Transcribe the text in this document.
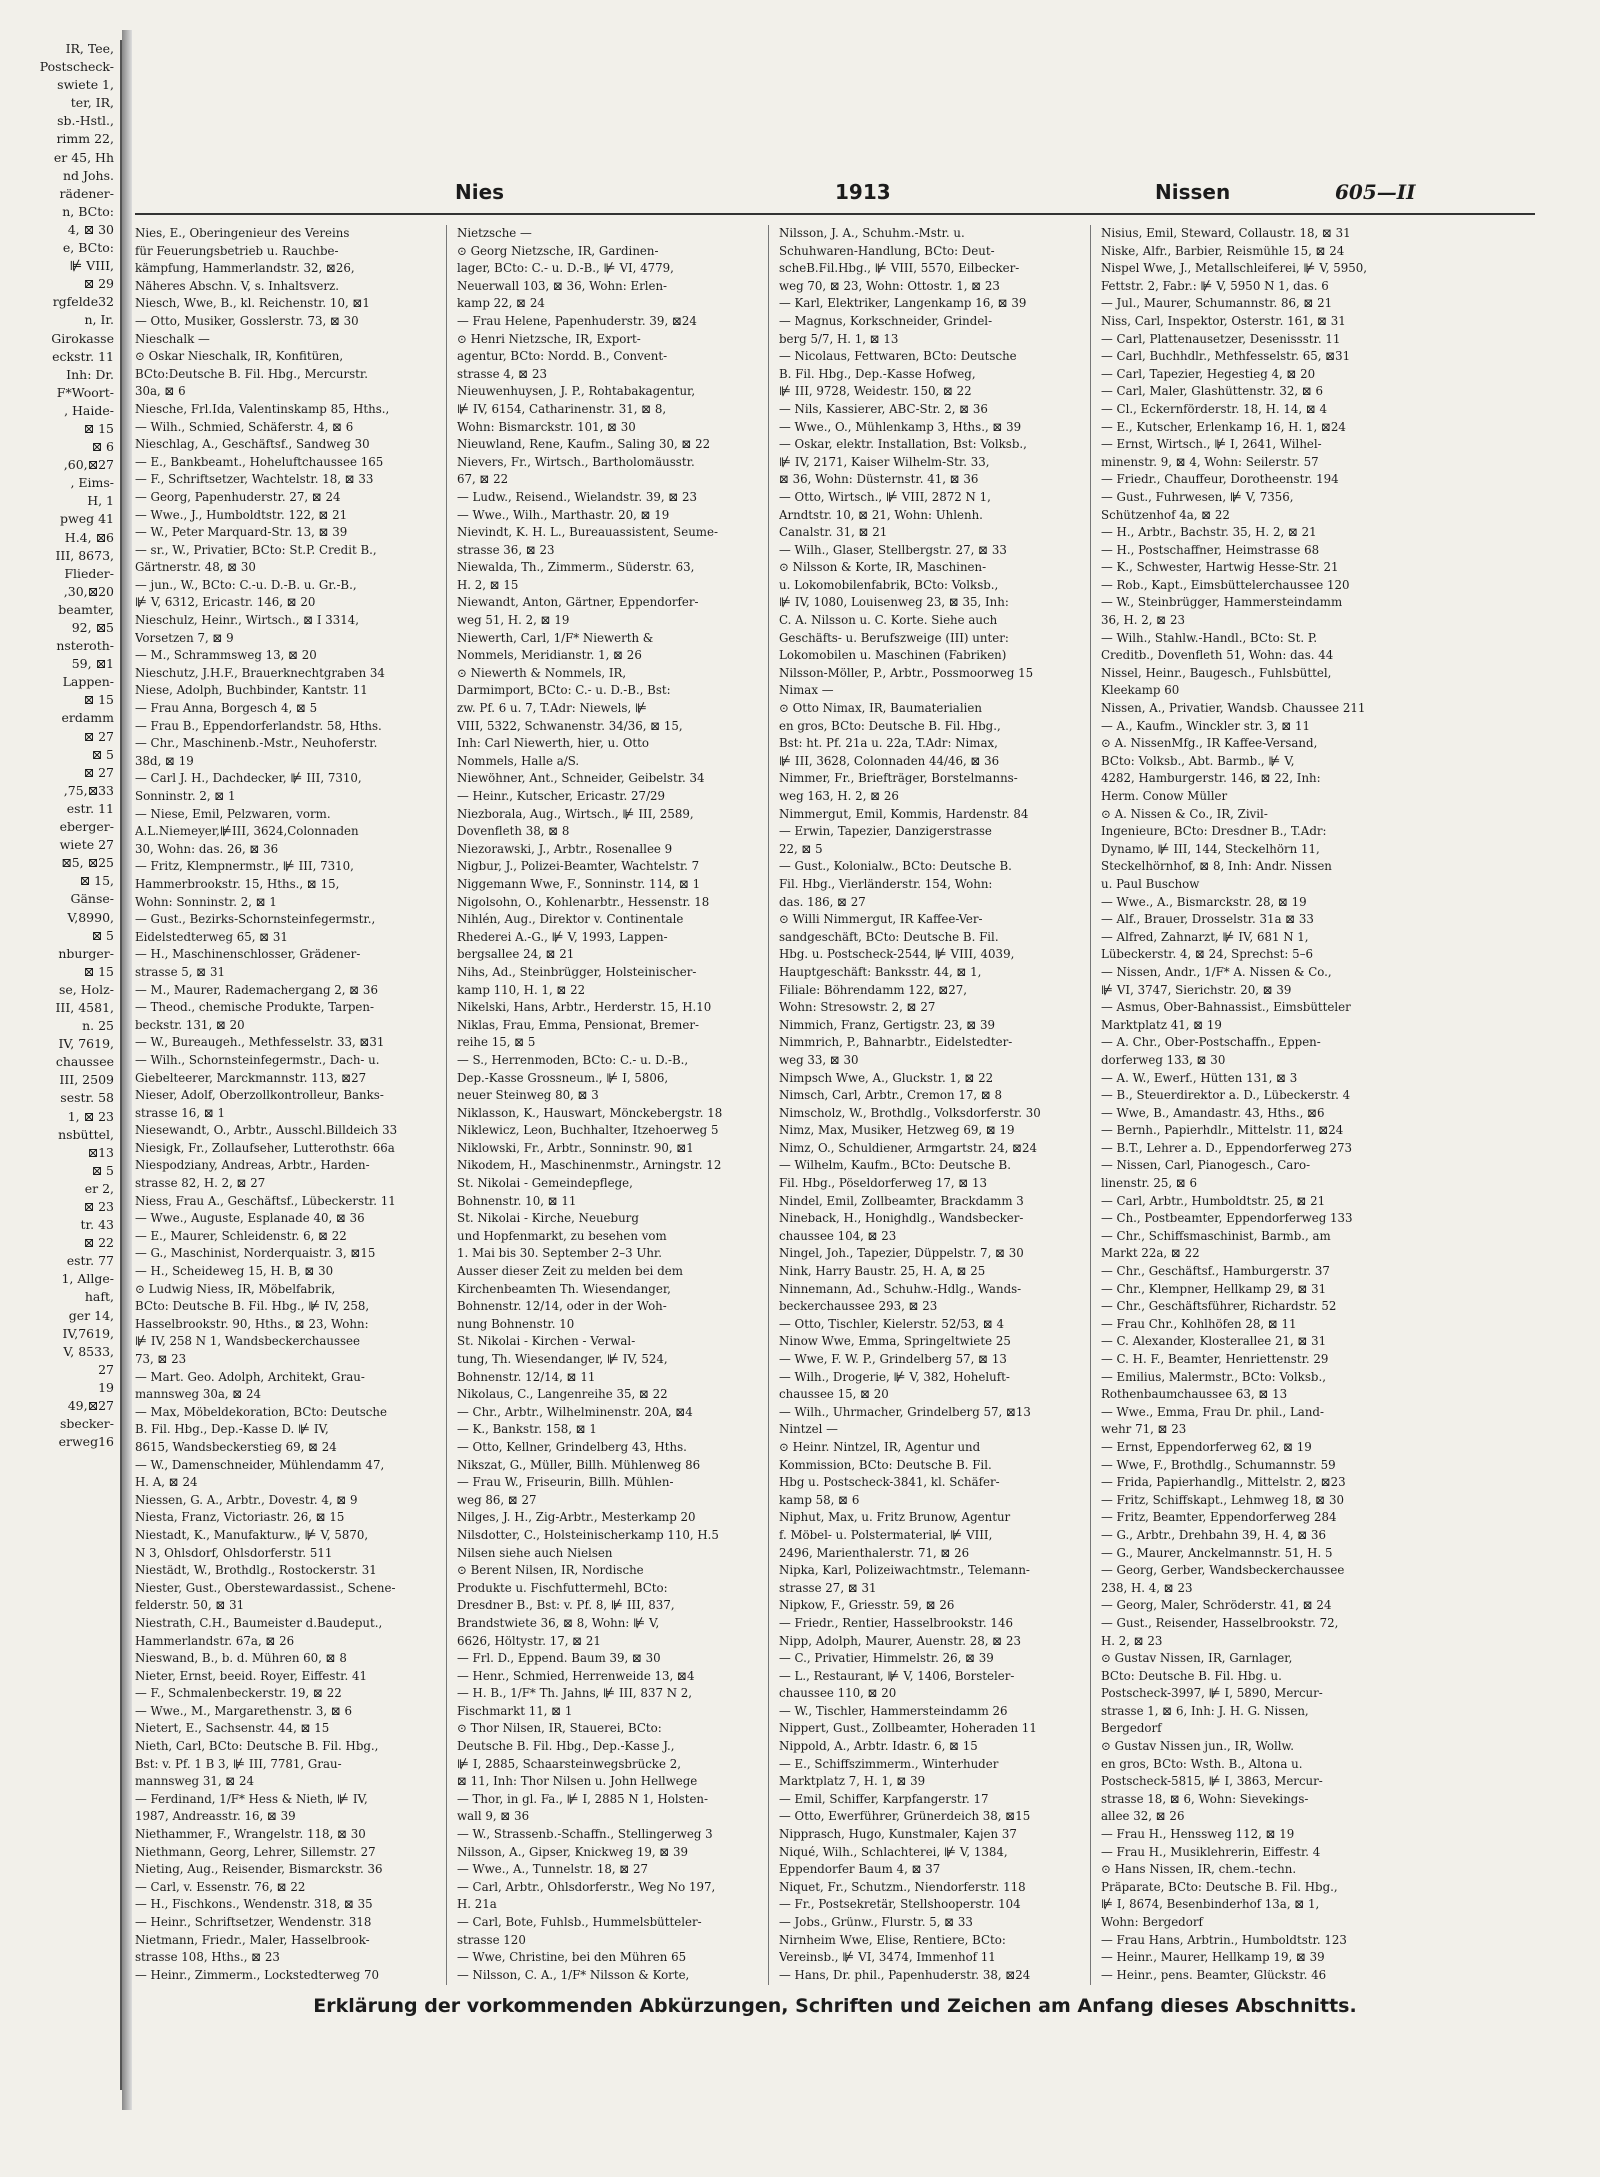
IR, Tee,
Postscheck-
swiete 1,
ter, IR,
sb.-Hstl.,
rimm 22,
er 45, Hh
nd Johs.
rädener-
n, BCto:
4, ⊠ 30
e, BCto:
⊯ VIII,
⊠ 29
rgfelde32
n, Ir.
Girokasse
eckstr. 11
Inh: Dr.
F*Woort-
, Haide-
⊠ 15
⊠ 6
,60,⊠27
, Eims-
H, 1
pweg 41
H.4, ⊠6
III, 8673,
Flieder-
,30,⊠20
beamter,
92, ⊠5
nsteroth-
59, ⊠1
Lappen-
⊠ 15
erdamm
⊠ 27
⊠ 5
⊠ 27
,75,⊠33
estr. 11
eberger-
wiete 27
⊠5, ⊠25
⊠ 15,
Gänse-
V,8990,
⊠ 5
nburger-
⊠ 15
se, Holz-
III, 4581,
n. 25
IV, 7619,
chaussee
III, 2509
sestr. 58
1, ⊠ 23
nsbüttel,
⊠13
⊠ 5
er 2,
⊠ 23
tr. 43
⊠ 22
estr. 77
1, Allge-
haft,
ger 14,
IV,7619,
V, 8533,
27
19
49,⊠27
sbecker-
erweg16
Nies	1913	Nissen	605—II
Nies, E., Oberingenieur des Vereins
für Feuerungsbetrieb u. Rauchbe-
kämpfung, Hammerlandstr. 32, ⊠26,
Näheres Abschn. V, s. Inhaltsverz.
Niesch, Wwe, B., kl. Reichenstr. 10, ⊠1
— Otto, Musiker, Gosslerstr. 73, ⊠ 30
Nieschalk —
⊙ Oskar Nieschalk, IR, Konfitüren,
BCto:Deutsche B. Fil. Hbg., Mercurstr.
30a, ⊠ 6
Niesche, Frl.Ida, Valentinskamp 85, Hths.,
— Wilh., Schmied, Schäferstr. 4, ⊠ 6
Nieschlag, A., Geschäftsf., Sandweg 30
— E., Bankbeamt., Hoheluftchaussee 165
— F., Schriftsetzer, Wachtelstr. 18, ⊠ 33
— Georg, Papenhuderstr. 27, ⊠ 24
— Wwe., J., Humboldtstr. 122, ⊠ 21
— W., Peter Marquard-Str. 13, ⊠ 39
— sr., W., Privatier, BCto: St.P. Credit B.,
Gärtnerstr. 48, ⊠ 30
— jun., W., BCto: C.-u. D.-B. u. Gr.-B.,
⊯ V, 6312, Ericastr. 146, ⊠ 20
Nieschulz, Heinr., Wirtsch., ⊠ I 3314,
Vorsetzen 7, ⊠ 9
— M., Schrammsweg 13, ⊠ 20
Nieschutz, J.H.F., Brauerknechtgraben 34
Niese, Adolph, Buchbinder, Kantstr. 11
— Frau Anna, Borgesch 4, ⊠ 5
— Frau B., Eppendorferlandstr. 58, Hths.
— Chr., Maschinenb.-Mstr., Neuhoferstr.
38d, ⊠ 19
— Carl J. H., Dachdecker, ⊯ III, 7310,
Sonninstr. 2, ⊠ 1
— Niese, Emil, Pelzwaren, vorm.
A.L.Niemeyer,⊯III, 3624,Colonnaden
30, Wohn: das. 26, ⊠ 36
— Fritz, Klempnermstr., ⊯ III, 7310,
Hammerbrookstr. 15, Hths., ⊠ 15,
Wohn: Sonninstr. 2, ⊠ 1
— Gust., Bezirks-Schornsteinfegermstr.,
Eidelstedterweg 65, ⊠ 31
— H., Maschinenschlosser, Grädener-
strasse 5, ⊠ 31
— M., Maurer, Rademachergang 2, ⊠ 36
— Theod., chemische Produkte, Tarpen-
beckstr. 131, ⊠ 20
— W., Bureaugeh., Methfesselstr. 33, ⊠31
— Wilh., Schornsteinfegermstr., Dach- u.
Giebelteerer, Marckmannstr. 113, ⊠27
Nieser, Adolf, Oberzollkontrolleur, Banks-
strasse 16, ⊠ 1
Niesewandt, O., Arbtr., Ausschl.Billdeich 33
Niesigk, Fr., Zollaufseher, Lutterothstr. 66a
Niespodziany, Andreas, Arbtr., Harden-
strasse 82, H. 2, ⊠ 27
Niess, Frau A., Geschäftsf., Lübeckerstr. 11
— Wwe., Auguste, Esplanade 40, ⊠ 36
— E., Maurer, Schleidenstr. 6, ⊠ 22
— G., Maschinist, Norderquaistr. 3, ⊠15
— H., Scheideweg 15, H. B, ⊠ 30
⊙ Ludwig Niess, IR, Möbelfabrik,
BCto: Deutsche B. Fil. Hbg., ⊯ IV, 258,
Hasselbrookstr. 90, Hths., ⊠ 23, Wohn:
⊯ IV, 258 N 1, Wandsbeckerchaussee
73, ⊠ 23
— Mart. Geo. Adolph, Architekt, Grau-
mannsweg 30a, ⊠ 24
— Max, Möbeldekoration, BCto: Deutsche
B. Fil. Hbg., Dep.-Kasse D. ⊯ IV,
8615, Wandsbeckerstieg 69, ⊠ 24
— W., Damenschneider, Mühlendamm 47,
H. A, ⊠ 24
Niessen, G. A., Arbtr., Dovestr. 4, ⊠ 9
Niesta, Franz, Victoriastr. 26, ⊠ 15
Niestadt, K., Manufakturw., ⊯ V, 5870,
N 3, Ohlsdorf, Ohlsdorferstr. 511
Niestädt, W., Brothdlg., Rostockerstr. 31
Niester, Gust., Oberstewardassist., Schene-
felderstr. 50, ⊠ 31
Niestrath, C.H., Baumeister d.Baudeput.,
Hammerlandstr. 67a, ⊠ 26
Nieswand, B., b. d. Mühren 60, ⊠ 8
Nieter, Ernst, beeid. Royer, Eiffestr. 41
— F., Schmalenbeckerstr. 19, ⊠ 22
— Wwe., M., Margarethenstr. 3, ⊠ 6
Nietert, E., Sachsenstr. 44, ⊠ 15
Nieth, Carl, BCto: Deutsche B. Fil. Hbg.,
Bst: v. Pf. 1 B 3, ⊯ III, 7781, Grau-
mannsweg 31, ⊠ 24
— Ferdinand, 1/F* Hess & Nieth, ⊯ IV,
1987, Andreasstr. 16, ⊠ 39
Niethammer, F., Wrangelstr. 118, ⊠ 30
Niethmann, Georg, Lehrer, Sillemstr. 27
Nieting, Aug., Reisender, Bismarckstr. 36
— Carl, v. Essenstr. 76, ⊠ 22
— H., Fischkons., Wendenstr. 318, ⊠ 35
— Heinr., Schriftsetzer, Wendenstr. 318
Nietmann, Friedr., Maler, Hasselbrook-
strasse 108, Hths., ⊠ 23
— Heinr., Zimmerm., Lockstedterweg 70
Nietzsche —
⊙ Georg Nietzsche, IR, Gardinen-
lager, BCto: C.- u. D.-B., ⊯ VI, 4779,
Neuerwall 103, ⊠ 36, Wohn: Erlen-
kamp 22, ⊠ 24
— Frau Helene, Papenhuderstr. 39, ⊠24
⊙ Henri Nietzsche, IR, Export-
agentur, BCto: Nordd. B., Convent-
strasse 4, ⊠ 23
Nieuwenhuysen, J. P., Rohtabakagentur,
⊯ IV, 6154, Catharinenstr. 31, ⊠ 8,
Wohn: Bismarckstr. 101, ⊠ 30
Nieuwland, Rene, Kaufm., Saling 30, ⊠ 22
Nievers, Fr., Wirtsch., Bartholomäusstr.
67, ⊠ 22
— Ludw., Reisend., Wielandstr. 39, ⊠ 23
— Wwe., Wilh., Marthastr. 20, ⊠ 19
Nievindt, K. H. L., Bureauassistent, Seume-
strasse 36, ⊠ 23
Niewalda, Th., Zimmerm., Süderstr. 63,
H. 2, ⊠ 15
Niewandt, Anton, Gärtner, Eppendorfer-
weg 51, H. 2, ⊠ 19
Niewerth, Carl, 1/F* Niewerth &
Nommels, Meridianstr. 1, ⊠ 26
⊙ Niewerth & Nommels, IR,
Darmimport, BCto: C.- u. D.-B., Bst:
zw. Pf. 6 u. 7, T.Adr: Niewels, ⊯
VIII, 5322, Schwanenstr. 34/36, ⊠ 15,
Inh: Carl Niewerth, hier, u. Otto
Nommels, Halle a/S.
Niewöhner, Ant., Schneider, Geibelstr. 34
— Heinr., Kutscher, Ericastr. 27/29
Niezborala, Aug., Wirtsch., ⊯ III, 2589,
Dovenfleth 38, ⊠ 8
Niezorawski, J., Arbtr., Rosenallee 9
Nigbur, J., Polizei-Beamter, Wachtelstr. 7
Niggemann Wwe, F., Sonninstr. 114, ⊠ 1
Nigolsohn, O., Kohlenarbtr., Hessenstr. 18
Nihlén, Aug., Direktor v. Continentale
Rhederei A.-G., ⊯ V, 1993, Lappen-
bergsallee 24, ⊠ 21
Nihs, Ad., Steinbrügger, Holsteinischer-
kamp 110, H. 1, ⊠ 22
Nikelski, Hans, Arbtr., Herderstr. 15, H.10
Niklas, Frau, Emma, Pensionat, Bremer-
reihe 15, ⊠ 5
— S., Herrenmoden, BCto: C.- u. D.-B.,
Dep.-Kasse Grossneum., ⊯ I, 5806,
neuer Steinweg 80, ⊠ 3
Niklasson, K., Hauswart, Mönckebergstr. 18
Niklewicz, Leon, Buchhalter, Itzehoerweg 5
Niklowski, Fr., Arbtr., Sonninstr. 90, ⊠1
Nikodem, H., Maschinenmstr., Arningstr. 12
St. Nikolai - Gemeindepflege,
Bohnenstr. 10, ⊠ 11
St. Nikolai - Kirche, Neueburg
und Hopfenmarkt, zu besehen vom
1. Mai bis 30. September 2–3 Uhr.
Ausser dieser Zeit zu melden bei dem
Kirchenbeamten Th. Wiesendanger,
Bohnenstr. 12/14, oder in der Woh-
nung Bohnenstr. 10
St. Nikolai - Kirchen - Verwal-
tung, Th. Wiesendanger, ⊯ IV, 524,
Bohnenstr. 12/14, ⊠ 11
Nikolaus, C., Langenreihe 35, ⊠ 22
— Chr., Arbtr., Wilhelminenstr. 20A, ⊠4
— K., Bankstr. 158, ⊠ 1
— Otto, Kellner, Grindelberg 43, Hths.
Nikszat, G., Müller, Billh. Mühlenweg 86
— Frau W., Friseurin, Billh. Mühlen-
weg 86, ⊠ 27
Nilges, J. H., Zig-Arbtr., Mesterkamp 20
Nilsdotter, C., Holsteinischerkamp 110, H.5
Nilsen siehe auch Nielsen
⊙ Berent Nilsen, IR, Nordische
Produkte u. Fischfuttermehl, BCto:
Dresdner B., Bst: v. Pf. 8, ⊯ III, 837,
Brandstwiete 36, ⊠ 8, Wohn: ⊯ V,
6626, Höltystr. 17, ⊠ 21
— Frl. D., Eppend. Baum 39, ⊠ 30
— Henr., Schmied, Herrenweide 13, ⊠4
— H. B., 1/F* Th. Jahns, ⊯ III, 837 N 2,
Fischmarkt 11, ⊠ 1
⊙ Thor Nilsen, IR, Stauerei, BCto:
Deutsche B. Fil. Hbg., Dep.-Kasse J.,
⊯ I, 2885, Schaarsteinwegsbrücke 2,
⊠ 11, Inh: Thor Nilsen u. John Hellwege
— Thor, in gl. Fa., ⊯ I, 2885 N 1, Holsten-
wall 9, ⊠ 36
— W., Strassenb.-Schaffn., Stellingerweg 3
Nilsson, A., Gipser, Knickweg 19, ⊠ 39
— Wwe., A., Tunnelstr. 18, ⊠ 27
— Carl, Arbtr., Ohlsdorferstr., Weg No 197,
H. 21a
— Carl, Bote, Fuhlsb., Hummelsbütteler-
strasse 120
— Wwe, Christine, bei den Mühren 65
— Nilsson, C. A., 1/F* Nilsson & Korte,
Nilsson, J. A., Schuhm.-Mstr. u.
Schuhwaren-Handlung, BCto: Deut-
scheB.Fil.Hbg., ⊯ VIII, 5570, Eilbecker-
weg 70, ⊠ 23, Wohn: Ottostr. 1, ⊠ 23
— Karl, Elektriker, Langenkamp 16, ⊠ 39
— Magnus, Korkschneider, Grindel-
berg 5/7, H. 1, ⊠ 13
— Nicolaus, Fettwaren, BCto: Deutsche
B. Fil. Hbg., Dep.-Kasse Hofweg,
⊯ III, 9728, Weidestr. 150, ⊠ 22
— Nils, Kassierer, ABC-Str. 2, ⊠ 36
— Wwe., O., Mühlenkamp 3, Hths., ⊠ 39
— Oskar, elektr. Installation, Bst: Volksb.,
⊯ IV, 2171, Kaiser Wilhelm-Str. 33,
⊠ 36, Wohn: Düsternstr. 41, ⊠ 36
— Otto, Wirtsch., ⊯ VIII, 2872 N 1,
Arndtstr. 10, ⊠ 21, Wohn: Uhlenh.
Canalstr. 31, ⊠ 21
— Wilh., Glaser, Stellbergstr. 27, ⊠ 33
⊙ Nilsson & Korte, IR, Maschinen-
u. Lokomobilenfabrik, BCto: Volksb.,
⊯ IV, 1080, Louisenweg 23, ⊠ 35, Inh:
C. A. Nilsson u. C. Korte. Siehe auch
Geschäfts- u. Berufszweige (III) unter:
Lokomobilen u. Maschinen (Fabriken)
Nilsson-Möller, P., Arbtr., Possmoorweg 15
Nimax —
⊙ Otto Nimax, IR, Baumaterialien
en gros, BCto: Deutsche B. Fil. Hbg.,
Bst: ht. Pf. 21a u. 22a, T.Adr: Nimax,
⊯ III, 3628, Colonnaden 44/46, ⊠ 36
Nimmer, Fr., Briefträger, Borstelmanns-
weg 163, H. 2, ⊠ 26
Nimmergut, Emil, Kommis, Hardenstr. 84
— Erwin, Tapezier, Danzigerstrasse
22, ⊠ 5
— Gust., Kolonialw., BCto: Deutsche B.
Fil. Hbg., Vierländerstr. 154, Wohn:
das. 186, ⊠ 27
⊙ Willi Nimmergut, IR Kaffee-Ver-
sandgeschäft, BCto: Deutsche B. Fil.
Hbg. u. Postscheck-2544, ⊯ VIII, 4039,
Hauptgeschäft: Banksstr. 44, ⊠ 1,
Filiale: Böhrendamm 122, ⊠27,
Wohn: Stresowstr. 2, ⊠ 27
Nimmich, Franz, Gertigstr. 23, ⊠ 39
Nimmrich, P., Bahnarbtr., Eidelstedter-
weg 33, ⊠ 30
Nimpsch Wwe, A., Gluckstr. 1, ⊠ 22
Nimsch, Carl, Arbtr., Cremon 17, ⊠ 8
Nimscholz, W., Brothdlg., Volksdorferstr. 30
Nimz, Max, Musiker, Hetzweg 69, ⊠ 19
Nimz, O., Schuldiener, Armgartstr. 24, ⊠24
— Wilhelm, Kaufm., BCto: Deutsche B.
Fil. Hbg., Pöseldorferweg 17, ⊠ 13
Nindel, Emil, Zollbeamter, Brackdamm 3
Nineback, H., Honighdlg., Wandsbecker-
chaussee 104, ⊠ 23
Ningel, Joh., Tapezier, Düppelstr. 7, ⊠ 30
Nink, Harry Baustr. 25, H. A, ⊠ 25
Ninnemann, Ad., Schuhw.-Hdlg., Wands-
beckerchaussee 293, ⊠ 23
— Otto, Tischler, Kielerstr. 52/53, ⊠ 4
Ninow Wwe, Emma, Springeltwiete 25
— Wwe, F. W. P., Grindelberg 57, ⊠ 13
— Wilh., Drogerie, ⊯ V, 382, Hoheluft-
chaussee 15, ⊠ 20
— Wilh., Uhrmacher, Grindelberg 57, ⊠13
Nintzel —
⊙ Heinr. Nintzel, IR, Agentur und
Kommission, BCto: Deutsche B. Fil.
Hbg u. Postscheck-3841, kl. Schäfer-
kamp 58, ⊠ 6
Niphut, Max, u. Fritz Brunow, Agentur
f. Möbel- u. Polstermaterial, ⊯ VIII,
2496, Marienthalerstr. 71, ⊠ 26
Nipka, Karl, Polizeiwachtmstr., Telemann-
strasse 27, ⊠ 31
Nipkow, F., Griesstr. 59, ⊠ 26
— Friedr., Rentier, Hasselbrookstr. 146
Nipp, Adolph, Maurer, Auenstr. 28, ⊠ 23
— C., Privatier, Himmelstr. 26, ⊠ 39
— L., Restaurant, ⊯ V, 1406, Borsteler-
chaussee 110, ⊠ 20
— W., Tischler, Hammersteindamm 26
Nippert, Gust., Zollbeamter, Hoheraden 11
Nippold, A., Arbtr. Idastr. 6, ⊠ 15
— E., Schiffszimmerm., Winterhuder
Marktplatz 7, H. 1, ⊠ 39
— Emil, Schiffer, Karpfangerstr. 17
— Otto, Ewerführer, Grünerdeich 38, ⊠15
Nipprasch, Hugo, Kunstmaler, Kajen 37
Niqué, Wilh., Schlachterei, ⊯ V, 1384,
Eppendorfer Baum 4, ⊠ 37
Niquet, Fr., Schutzm., Niendorferstr. 118
— Fr., Postsekretär, Stellshooperstr. 104
— Jobs., Grünw., Flurstr. 5, ⊠ 33
Nirnheim Wwe, Elise, Rentiere, BCto:
Vereinsb., ⊯ VI, 3474, Immenhof 11
— Hans, Dr. phil., Papenhuderstr. 38, ⊠24
Nisius, Emil, Steward, Collaustr. 18, ⊠ 31
Niske, Alfr., Barbier, Reismühle 15, ⊠ 24
Nispel Wwe, J., Metallschleiferei, ⊯ V, 5950,
Fettstr. 2, Fabr.: ⊯ V, 5950 N 1, das. 6
— Jul., Maurer, Schumannstr. 86, ⊠ 21
Niss, Carl, Inspektor, Osterstr. 161, ⊠ 31
— Carl, Plattenausetzer, Desenissstr. 11
— Carl, Buchhdlr., Methfesselstr. 65, ⊠31
— Carl, Tapezier, Hegestieg 4, ⊠ 20
— Carl, Maler, Glashüttenstr. 32, ⊠ 6
— Cl., Eckernförderstr. 18, H. 14, ⊠ 4
— E., Kutscher, Erlenkamp 16, H. 1, ⊠24
— Ernst, Wirtsch., ⊯ I, 2641, Wilhel-
minenstr. 9, ⊠ 4, Wohn: Seilerstr. 57
— Friedr., Chauffeur, Dorotheenstr. 194
— Gust., Fuhrwesen, ⊯ V, 7356,
Schützenhof 4a, ⊠ 22
— H., Arbtr., Bachstr. 35, H. 2, ⊠ 21
— H., Postschaffner, Heimstrasse 68
— K., Schwester, Hartwig Hesse-Str. 21
— Rob., Kapt., Eimsbüttelerchaussee 120
— W., Steinbrügger, Hammersteindamm
36, H. 2, ⊠ 23
— Wilh., Stahlw.-Handl., BCto: St. P.
Creditb., Dovenfleth 51, Wohn: das. 44
Nissel, Heinr., Baugesch., Fuhlsbüttel,
Kleekamp 60
Nissen, A., Privatier, Wandsb. Chaussee 211
— A., Kaufm., Winckler str. 3, ⊠ 11
⊙ A. NissenMfg., IR Kaffee-Versand,
BCto: Volksb., Abt. Barmb., ⊯ V,
4282, Hamburgerstr. 146, ⊠ 22, Inh:
Herm. Conow Müller
⊙ A. Nissen & Co., IR, Zivil-
Ingenieure, BCto: Dresdner B., T.Adr:
Dynamo, ⊯ III, 144, Steckelhörn 11,
Steckelhörnhof, ⊠ 8, Inh: Andr. Nissen
u. Paul Buschow
— Wwe., A., Bismarckstr. 28, ⊠ 19
— Alf., Brauer, Drosselstr. 31a ⊠ 33
— Alfred, Zahnarzt, ⊯ IV, 681 N 1,
Lübeckerstr. 4, ⊠ 24, Sprechst: 5–6
— Nissen, Andr., 1/F* A. Nissen & Co.,
⊯ VI, 3747, Sierichstr. 20, ⊠ 39
— Asmus, Ober-Bahnassist., Eimsbütteler
Marktplatz 41, ⊠ 19
— A. Chr., Ober-Postschaffn., Eppen-
dorferweg 133, ⊠ 30
— A. W., Ewerf., Hütten 131, ⊠ 3
— B., Steuerdirektor a. D., Lübeckerstr. 4
— Wwe, B., Amandastr. 43, Hths., ⊠6
— Bernh., Papierhdlr., Mittelstr. 11, ⊠24
— B.T., Lehrer a. D., Eppendorferweg 273
— Nissen, Carl, Pianogesch., Caro-
linenstr. 25, ⊠ 6
— Carl, Arbtr., Humboldtstr. 25, ⊠ 21
— Ch., Postbeamter, Eppendorferweg 133
— Chr., Schiffsmaschinist, Barmb., am
Markt 22a, ⊠ 22
— Chr., Geschäftsf., Hamburgerstr. 37
— Chr., Klempner, Hellkamp 29, ⊠ 31
— Chr., Geschäftsführer, Richardstr. 52
— Frau Chr., Kohlhöfen 28, ⊠ 11
— C. Alexander, Klosterallee 21, ⊠ 31
— C. H. F., Beamter, Henriettenstr. 29
— Emilius, Malermstr., BCto: Volksb.,
Rothenbaumchaussee 63, ⊠ 13
— Wwe., Emma, Frau Dr. phil., Land-
wehr 71, ⊠ 23
— Ernst, Eppendorferweg 62, ⊠ 19
— Wwe, F., Brothdlg., Schumannstr. 59
— Frida, Papierhandlg., Mittelstr. 2, ⊠23
— Fritz, Schiffskapt., Lehmweg 18, ⊠ 30
— Fritz, Beamter, Eppendorferweg 284
— G., Arbtr., Drehbahn 39, H. 4, ⊠ 36
— G., Maurer, Anckelmannstr. 51, H. 5
— Georg, Gerber, Wandsbeckerchaussee
238, H. 4, ⊠ 23
— Georg, Maler, Schröderstr. 41, ⊠ 24
— Gust., Reisender, Hasselbrookstr. 72,
H. 2, ⊠ 23
⊙ Gustav Nissen, IR, Garnlager,
BCto: Deutsche B. Fil. Hbg. u.
Postscheck-3997, ⊯ I, 5890, Mercur-
strasse 1, ⊠ 6, Inh: J. H. G. Nissen,
Bergedorf
⊙ Gustav Nissen jun., IR, Wollw.
en gros, BCto: Wsth. B., Altona u.
Postscheck-5815, ⊯ I, 3863, Mercur-
strasse 18, ⊠ 6, Wohn: Sievekings-
allee 32, ⊠ 26
— Frau H., Henssweg 112, ⊠ 19
— Frau H., Musiklehrerin, Eiffestr. 4
⊙ Hans Nissen, IR, chem.-techn.
Präparate, BCto: Deutsche B. Fil. Hbg.,
⊯ I, 8674, Besenbinderhof 13a, ⊠ 1,
Wohn: Bergedorf
— Frau Hans, Arbtrin., Humboldtstr. 123
— Heinr., Maurer, Hellkamp 19, ⊠ 39
— Heinr., pens. Beamter, Glückstr. 46
Erklärung der vorkommenden Abkürzungen, Schriften und Zeichen am Anfang dieses Abschnitts.
